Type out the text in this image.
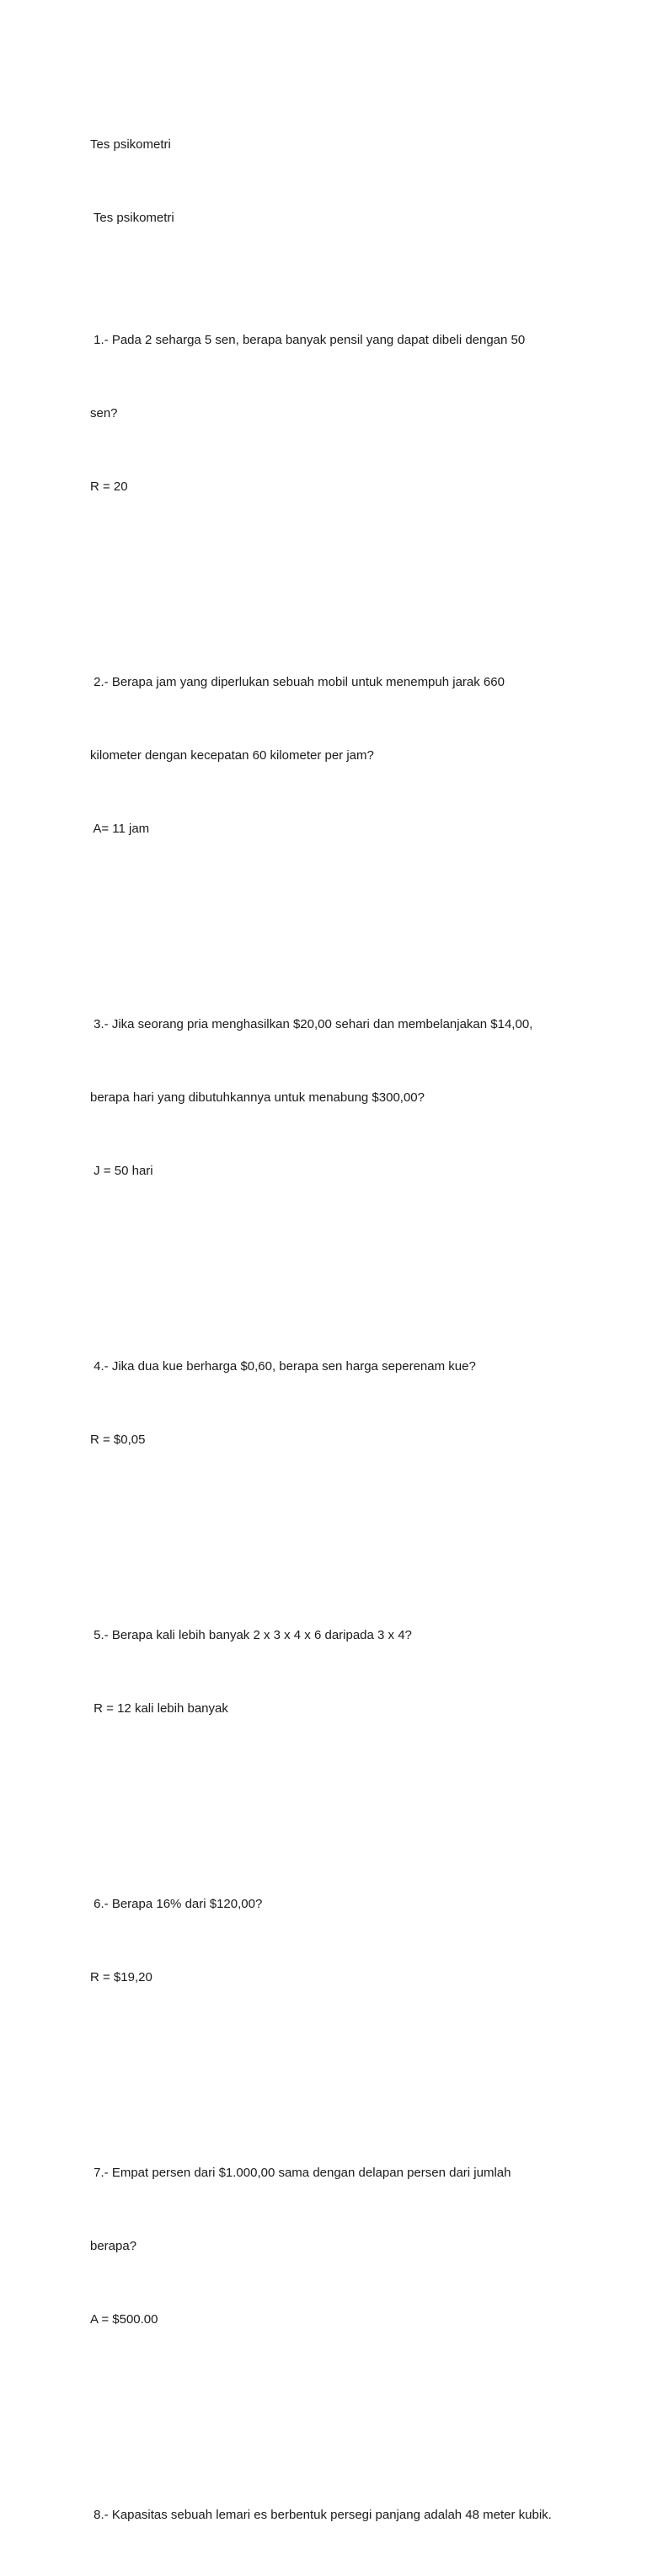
Tes psikometri

Tes psikometri

1.- Pada 2 seharga 5 sen, berapa banyak pensil yang dapat dibeli dengan 50

sen?

R = 20

2.- Berapa jam yang diperlukan sebuah mobil untuk menempuh jarak 660

kilometer dengan kecepatan 60 kilometer per jam?

A= 11 jam

3.- Jika seorang pria menghasilkan $20,00 sehari dan membelanjakan $14,00,

berapa hari yang dibutuhkannya untuk menabung $300,00?

J = 50 hari

4.- Jika dua kue berharga $0,60, berapa sen harga seperenam kue?

R = $0,05

5.- Berapa kali lebih banyak 2 x 3 x 4 x 6 daripada 3 x 4?

R = 12 kali lebih banyak

6.- Berapa 16% dari $120,00?

R = $19,20

7.- Empat persen dari $1.000,00 sama dengan delapan persen dari jumlah

berapa?

A = $500.00

8.- Kapasitas sebuah lemari es berbentuk persegi panjang adalah 48 meter kubik.
